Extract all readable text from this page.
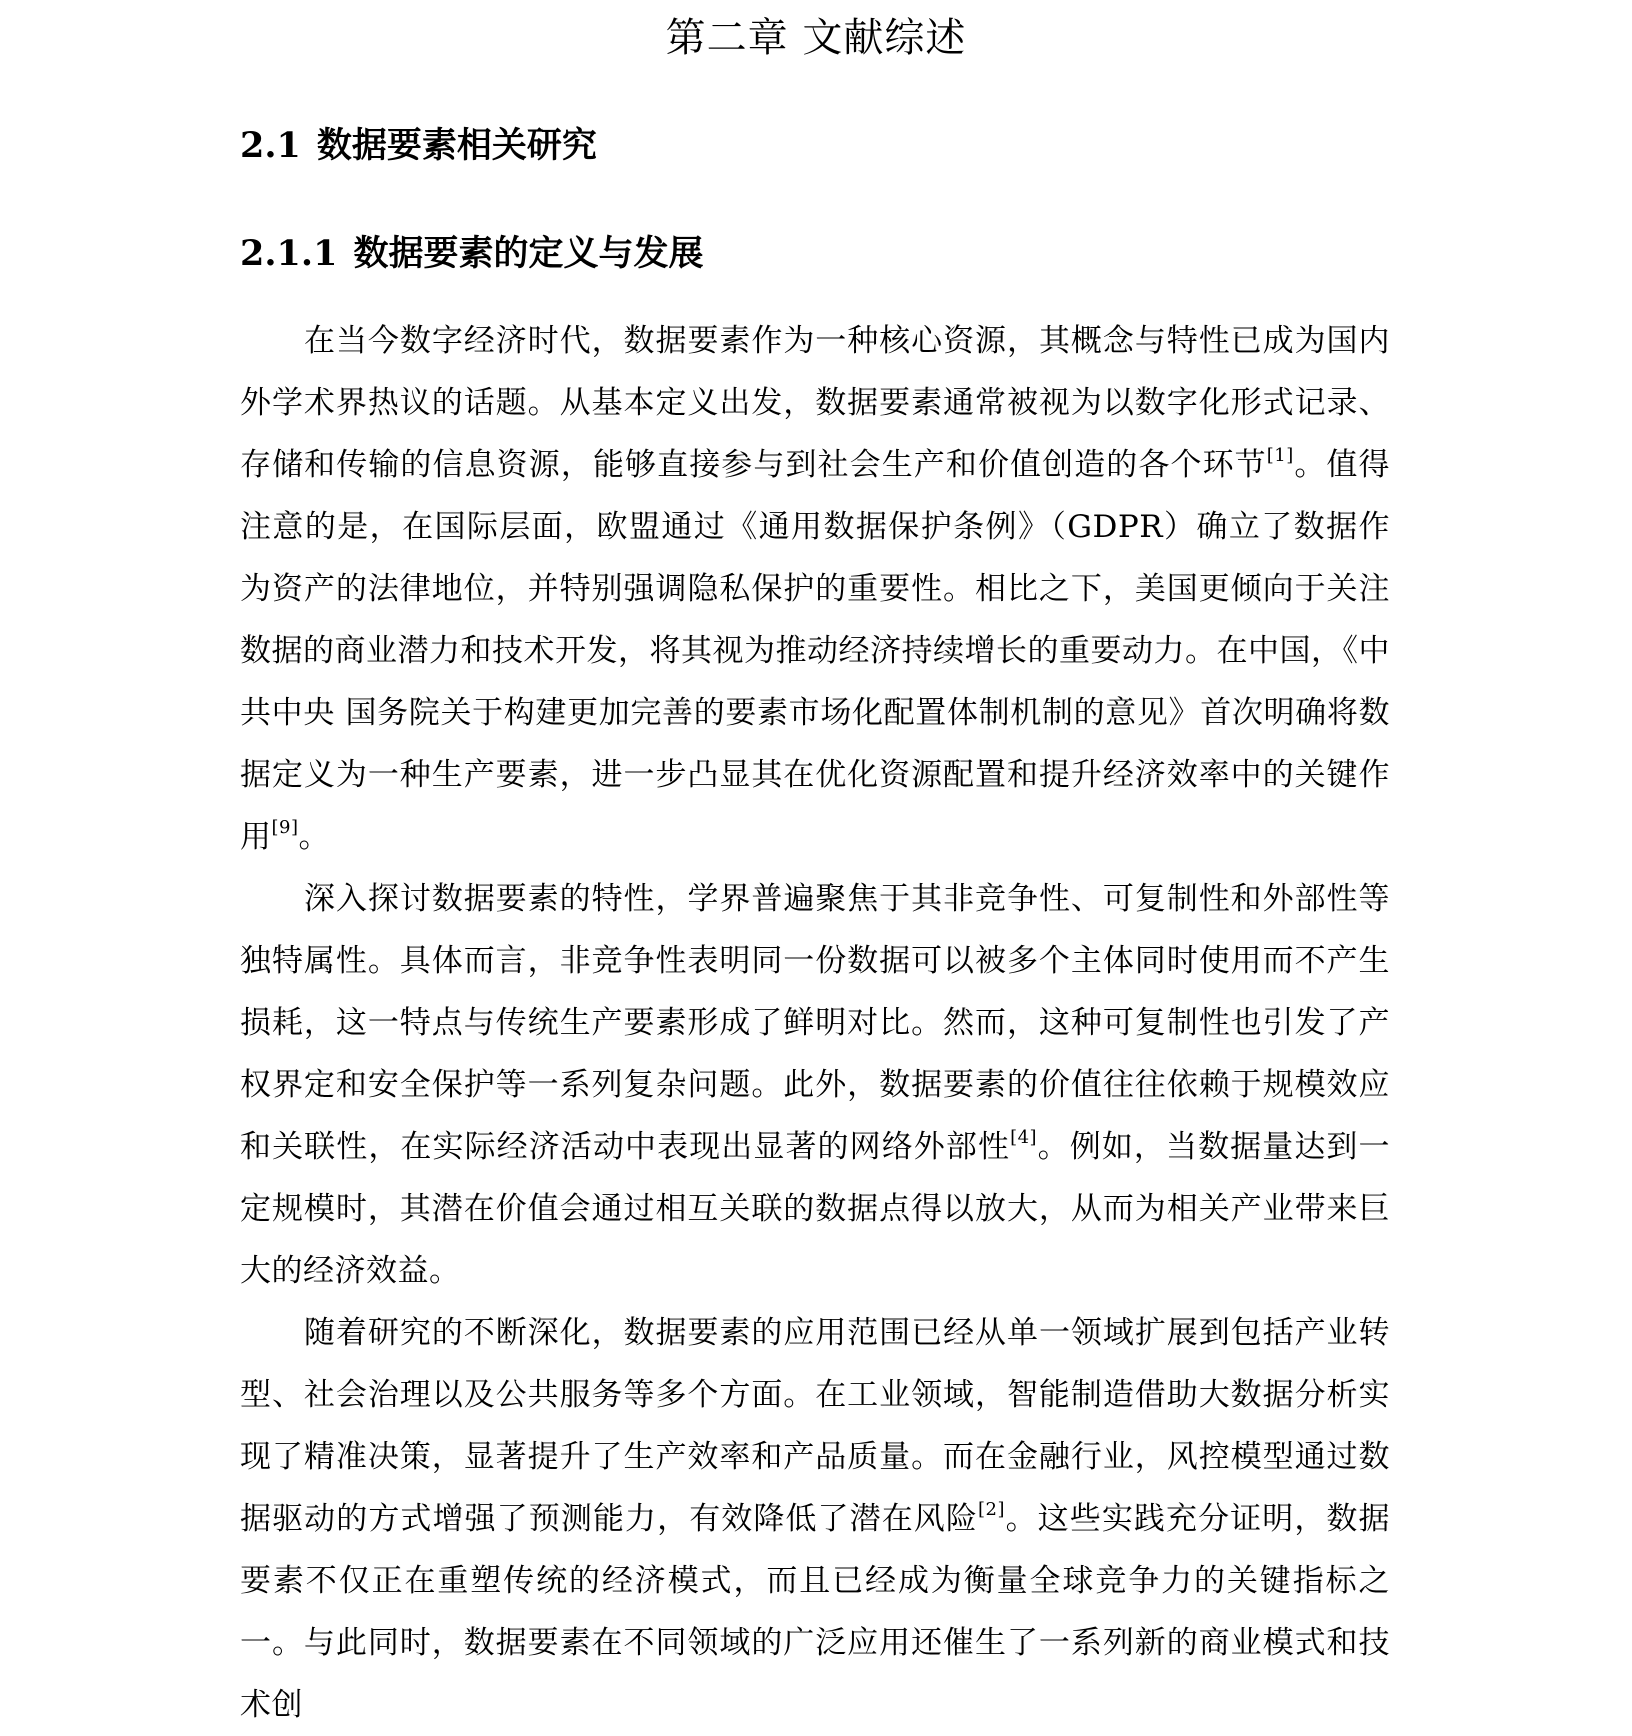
第二章 文献综述
2.1 数据要素相关研究
2.1.1 数据要素的定义与发展

在当今数字经济时代，数据要素作为一种核心资源，其概念与特性已成为国内外学术界热议的话题。从基本定义出发，数据要素通常被视为以数字化形式记录、存储和传输的信息资源，能够直接参与到社会生产和价值创造的各个环节[1]。值得注意的是，在国际层面，欧盟通过《通用数据保护条例》（GDPR）确立了数据作为资产的法律地位，并特别强调隐私保护的重要性。相比之下，美国更倾向于关注数据的商业潜力和技术开发，将其视为推动经济持续增长的重要动力。在中国，《中共中央 国务院关于构建更加完善的要素市场化配置体制机制的意见》首次明确将数据定义为一种生产要素，进一步凸显其在优化资源配置和提升经济效率中的关键作用[9]。

深入探讨数据要素的特性，学界普遍聚焦于其非竞争性、可复制性和外部性等独特属性。具体而言，非竞争性表明同一份数据可以被多个主体同时使用而不产生损耗，这一特点与传统生产要素形成了鲜明对比。然而，这种可复制性也引发了产权界定和安全保护等一系列复杂问题。此外，数据要素的价值往往依赖于规模效应和关联性，在实际经济活动中表现出显著的网络外部性[4]。例如，当数据量达到一定规模时，其潜在价值会通过相互关联的数据点得以放大，从而为相关产业带来巨大的经济效益。

随着研究的不断深化，数据要素的应用范围已经从单一领域扩展到包括产业转型、社会治理以及公共服务等多个方面。在工业领域，智能制造借助大数据分析实现了精准决策，显著提升了生产效率和产品质量。而在金融行业，风控模型通过数据驱动的方式增强了预测能力，有效降低了潜在风险[2]。这些实践充分证明，数据要素不仅正在重塑传统的经济模式，而且已经成为衡量全球竞争力的关键指标之一。与此同时，数据要素在不同领域的广泛应用还催生了一系列新的商业模式和技术创
